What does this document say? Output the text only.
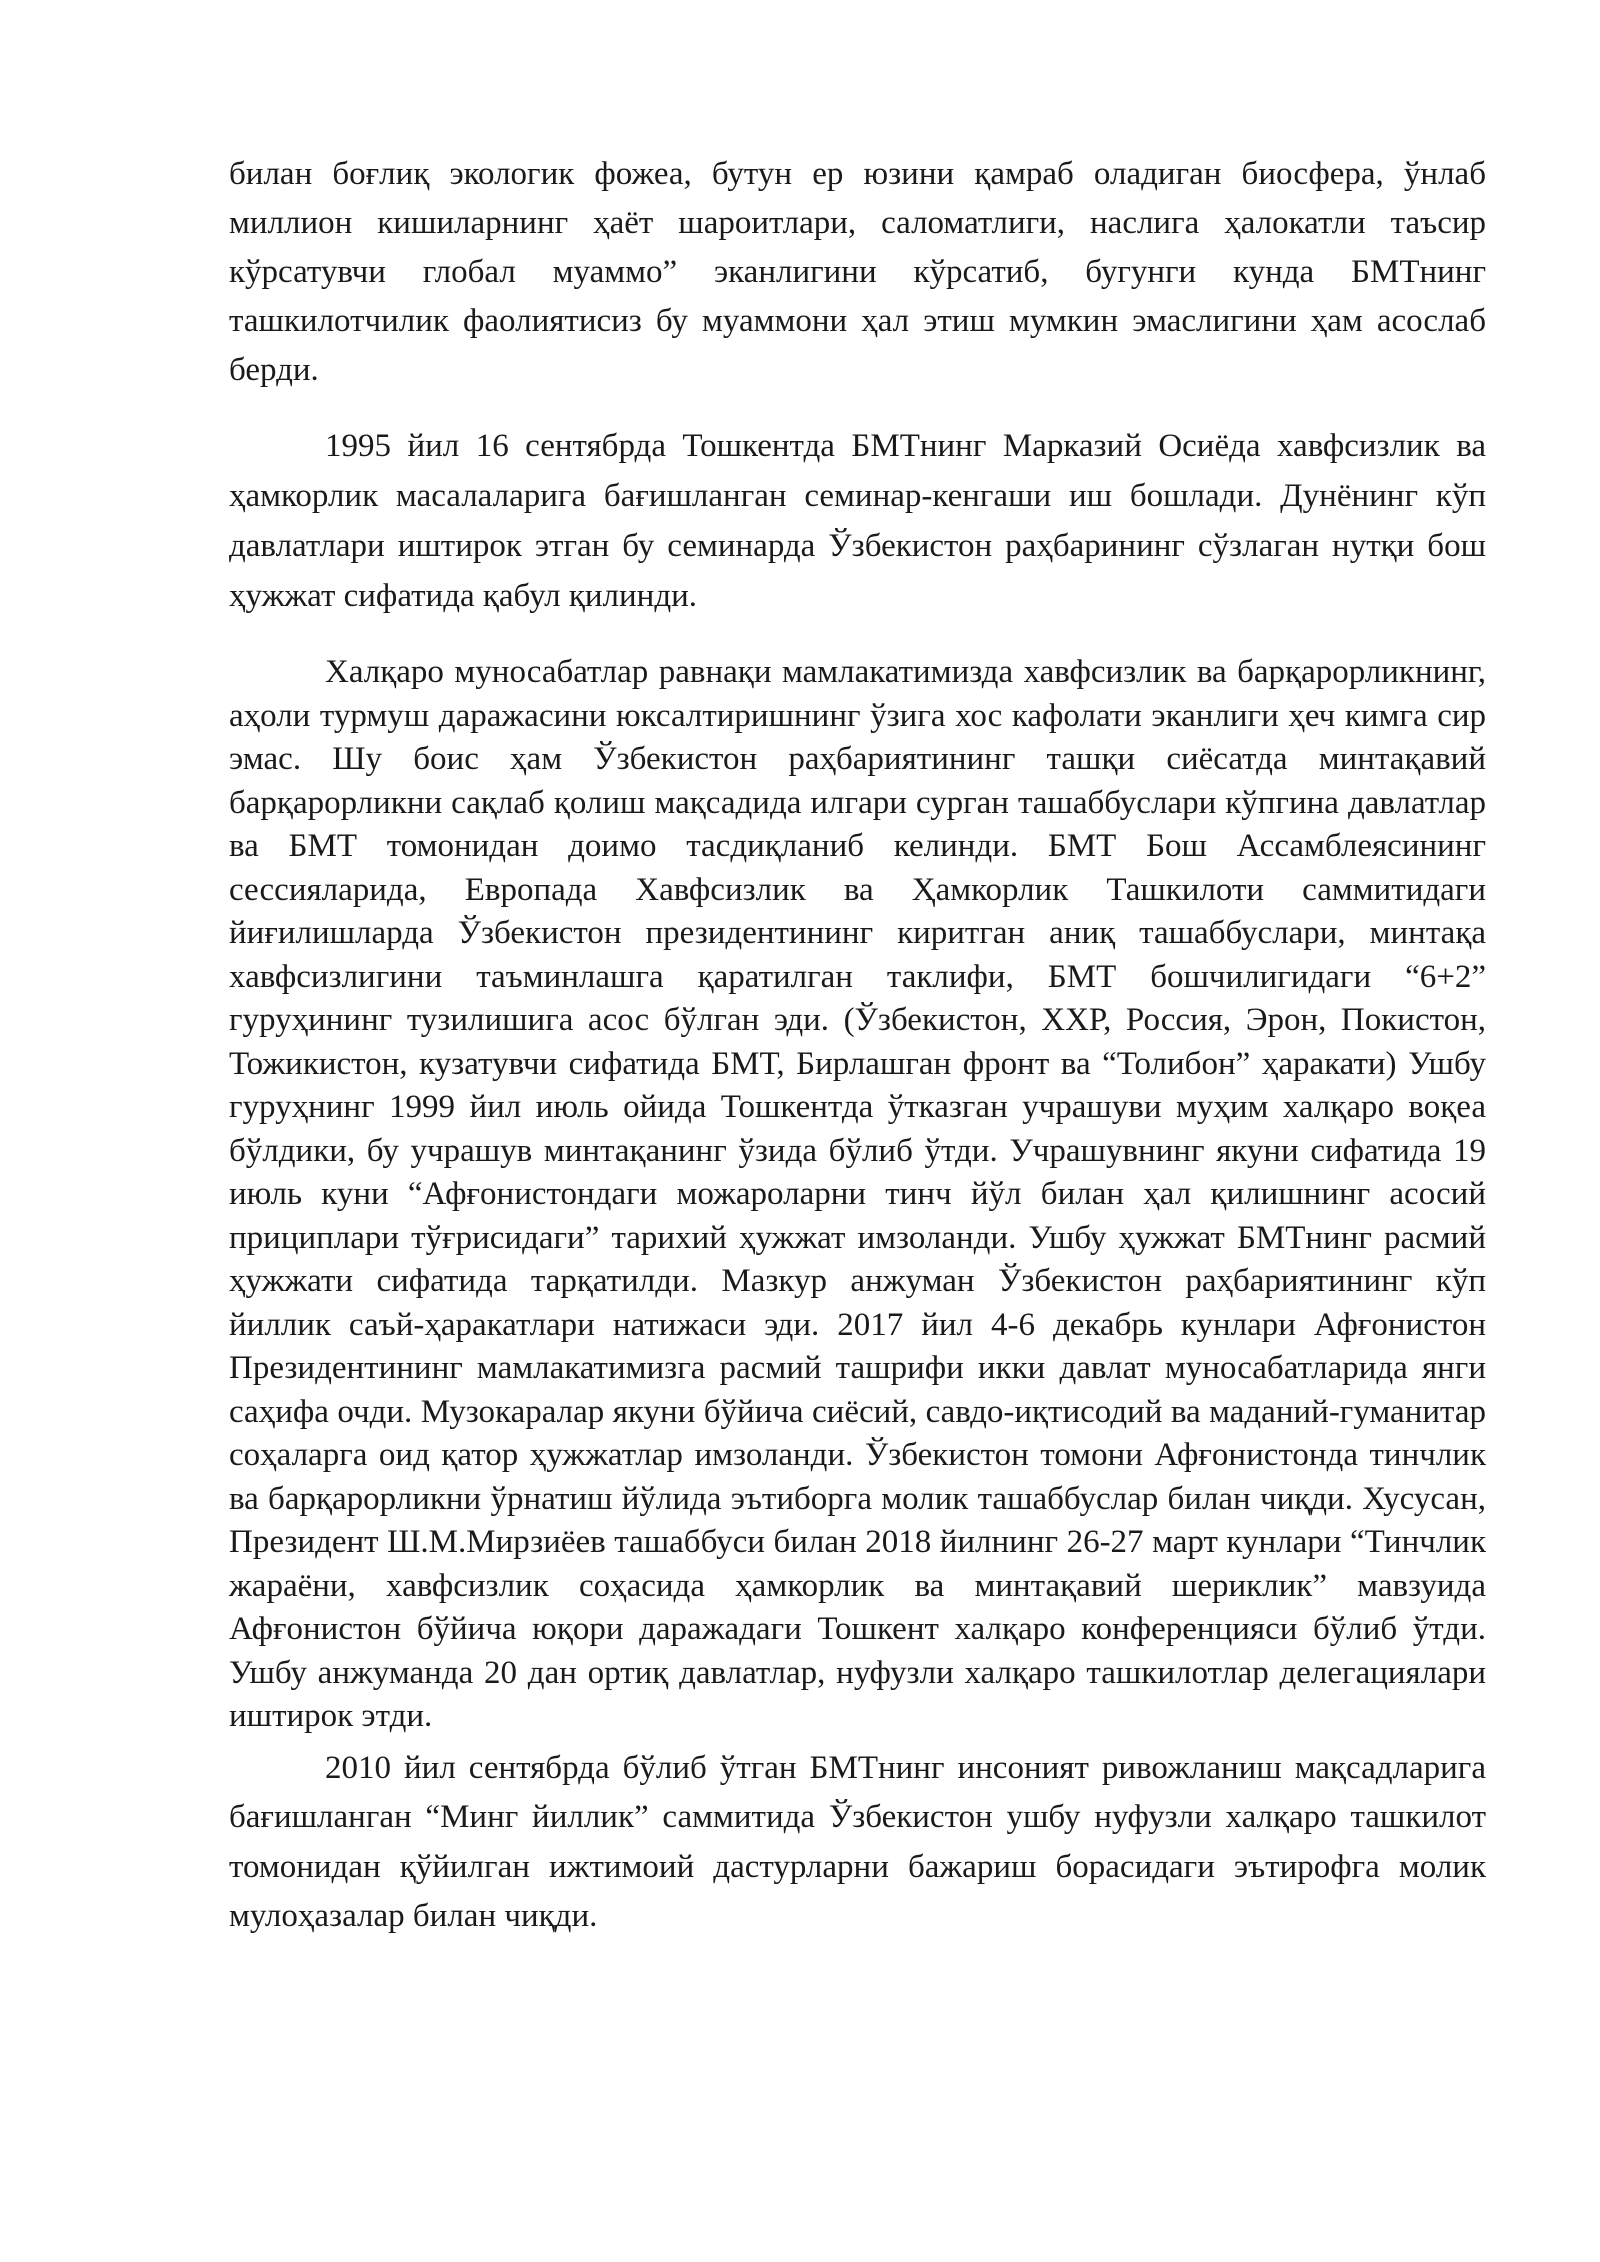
билан боғлиқ экологик фожеа, бутун ер юзини қамраб оладиган биосфера, ўнлаб миллион кишиларнинг ҳаёт шароитлари, саломатлиги, наслига ҳалокатли таъсир кўрсатувчи глобал муаммо” эканлигини кўрсатиб, бугунги кунда БМТнинг ташкилотчилик фаолиятисиз бу муаммони ҳал этиш мумкин эмаслигини ҳам асослаб берди.

1995 йил 16 сентябрда Тошкентда БМТнинг Марказий Осиёда хавфсизлик ва ҳамкорлик масалаларига бағишланган семинар-кенгаши иш бошлади. Дунёнинг кўп давлатлари иштирок этган бу семинарда Ўзбекистон раҳбарининг сўзлаган нутқи бош ҳужжат сифатида қабул қилинди.

Халқаро муносабатлар равнақи мамлакатимизда хавфсизлик ва барқарорликнинг, аҳоли турмуш даражасини юксалтиришнинг ўзига хос кафолати эканлиги ҳеч кимга сир эмас. Шу боис ҳам Ўзбекистон раҳбариятининг ташқи сиёсатда минтақавий барқарорликни сақлаб қолиш мақсадида илгари сурган ташаббуслари кўпгина давлатлар ва БМТ томонидан доимо тасдиқланиб келинди. БМТ Бош Ассамблеясининг сессияларида, Европада Хавфсизлик ва Ҳамкорлик Ташкилоти саммитидаги йиғилишларда Ўзбекистон президентининг киритган аниқ ташаббуслари, минтақа хавфсизлигини таъминлашга қаратилган таклифи, БМТ бошчилигидаги “6+2” гуруҳининг тузилишига асос бўлган эди. (Ўзбекистон, ХХР, Россия, Эрон, Покистон, Тожикистон, кузатувчи сифатида БМТ, Бирлашган фронт ва “Толибон” ҳаракати) Ушбу гуруҳнинг 1999 йил июль ойида Тошкентда ўтказган учрашуви муҳим халқаро воқеа бўлдики, бу учрашув минтақанинг ўзида бўлиб ўтди. Учрашувнинг якуни сифатида 19 июль куни “Афғонистондаги можароларни тинч йўл билан ҳал қилишнинг асосий прициплари тўғрисидаги” тарихий ҳужжат имзоланди. Ушбу ҳужжат БМТнинг расмий ҳужжати сифатида тарқатилди. Мазкур анжуман Ўзбекистон раҳбариятининг кўп йиллик саъй-ҳаракатлари натижаси эди. 2017 йил 4-6 декабрь кунлари Афғонистон Президентининг мамлакатимизга расмий ташрифи икки давлат муносабатларида янги саҳифа очди. Музокаралар якуни бўйича сиёсий, савдо-иқтисодий ва маданий-гуманитар соҳаларга оид қатор ҳужжатлар имзоланди. Ўзбекистон томони Афғонистонда тинчлик ва барқарорликни ўрнатиш йўлида эътиборга молик ташаббуслар билан чиқди. Хусусан, Президент Ш.М.Мирзиёев ташаббуси билан 2018 йилнинг 26-27 март кунлари “Тинчлик жараёни, хавфсизлик соҳасида ҳамкорлик ва минтақавий шериклик” мавзуида Афғонистон бўйича юқори даражадаги Тошкент халқаро конференцияси бўлиб ўтди. Ушбу анжуманда 20 дан ортиқ давлатлар, нуфузли халқаро ташкилотлар делегациялари иштирок этди.

2010 йил сентябрда бўлиб ўтган БМТнинг инсоният ривожланиш мақсадларига бағишланган “Минг йиллик” саммитида Ўзбекистон ушбу нуфузли халқаро ташкилот томонидан қўйилган ижтимоий дастурларни бажариш борасидаги эътирофга молик мулоҳазалар билан чиқди.
